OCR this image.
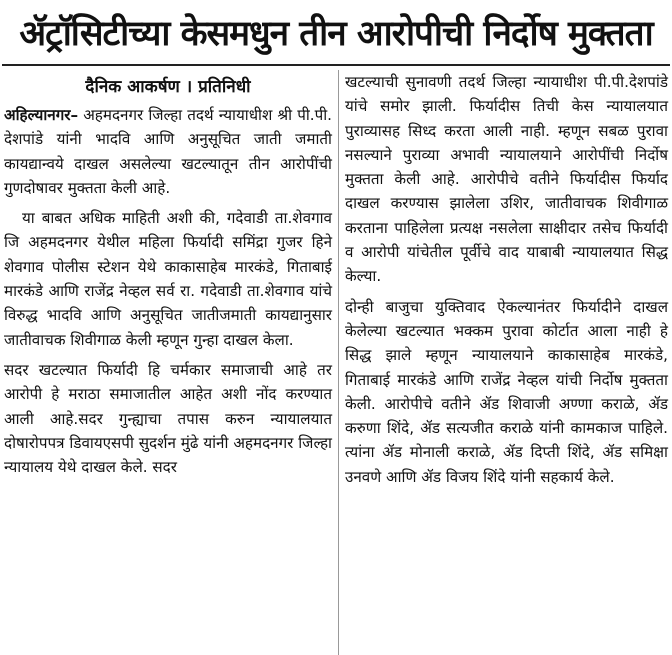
ॲट्रॉसिटीच्या केसमधुन तीन आरोपीची निर्दोष मुक्तता
दैनिक आकर्षण । प्रतिनिधी

अहिल्यानगर– अहमदनगर जिल्हा तदर्थ न्यायाधीश श्री पी.पी. देशपांडे यांनी भादवि आणि अनुसूचित जाती जमाती कायद्यान्वये दाखल असलेल्या खटल्यातून तीन आरोपींची गुणदोषावर मुक्तता केली आहे.

या बाबत अधिक माहिती अशी की, गदेवाडी ता.शेवगाव जि अहमदनगर येथील महिला फिर्यादी समिंद्रा गुजर हिने शेवगाव पोलीस स्टेशन येथे काकासाहेब मारकंडे, गिताबाई मारकंडे आणि राजेंद्र नेव्हल सर्व रा. गदेवाडी ता.शेवगाव यांचे विरुद्ध भादवि आणि अनुसूचित जातीजमाती कायद्यानुसार जातीवाचक शिवीगाळ केली म्हणून गुन्हा दाखल केला.

सदर खटल्यात फिर्यादी हि चर्मकार समाजाची आहे तर आरोपी हे मराठा समाजातील आहेत अशी नोंद करण्यात आली आहे.सदर गुन्ह्याचा तपास करुन न्यायालयात दोषारोपपत्र डिवायएसपी सुदर्शन मुंढे यांनी अहमदनगर जिल्हा न्यायालय येथे दाखल केले. सदर

खटल्याची सुनावणी तदर्थ जिल्हा न्यायाधीश पी.पी.देशपांडे यांचे समोर झाली. फिर्यादीस तिची केस न्यायालयात पुराव्यासह सिध्द करता आली नाही. म्हणून सबळ पुरावा नसल्याने पुराव्या अभावी न्यायालयाने आरोपींची निर्दोष मुक्तता केली आहे. आरोपीचे वतीने फिर्यादीस फिर्याद दाखल करण्यास झालेला उशिर, जातीवाचक शिवीगाळ करताना पाहिलेला प्रत्यक्ष नसलेला साक्षीदार तसेच फिर्यादी व आरोपी यांचेतील पूर्वीचे वाद याबाबी न्यायालयात सिद्ध केल्या.

दोन्ही बाजुचा युक्तिवाद ऐकल्यानंतर फिर्यादीने दाखल केलेल्या खटल्यात भक्कम पुरावा कोर्टात आला नाही हे सिद्ध झाले म्हणून न्यायालयाने काकासाहेब मारकंडे, गिताबाई मारकंडे आणि राजेंद्र नेव्हल यांची निर्दोष मुक्तता केली. आरोपीचे वतीने ॲड शिवाजी अण्णा कराळे, ॲड करुणा शिंदे, ॲड सत्यजीत कराळे यांनी कामकाज पाहिले. त्यांना ॲड मोनाली कराळे, ॲड दिप्ती शिंदे, ॲड समिक्षा उनवणे आणि ॲड विजय शिंदे यांनी सहकार्य केले.
